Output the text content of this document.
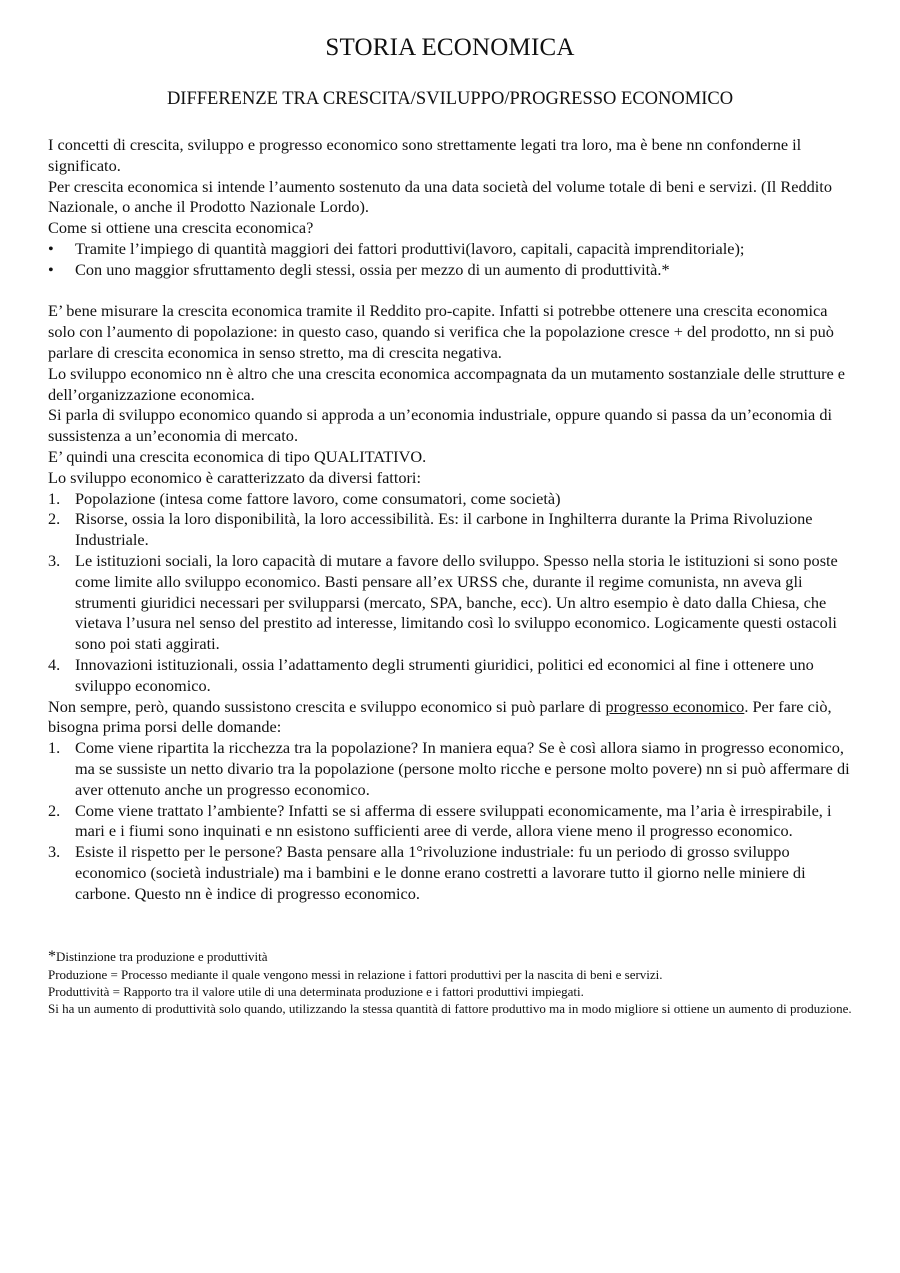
STORIA ECONOMICA
DIFFERENZE TRA CRESCITA/SVILUPPO/PROGRESSO ECONOMICO

I concetti di crescita, sviluppo e progresso economico sono strettamente legati tra loro, ma è bene nn confonderne il significato.

Per crescita economica si intende l’aumento sostenuto da una data società del volume totale di beni e servizi. (Il Reddito Nazionale, o anche il Prodotto Nazionale Lordo).

Come si ottiene una crescita economica?

•	Tramite l’impiego di quantità maggiori dei fattori produttivi(lavoro, capitali, capacità imprenditoriale);
•	Con uno maggior sfruttamento degli stessi, ossia per mezzo di un aumento di produttività.*

E’ bene misurare la crescita economica tramite il Reddito pro-capite. Infatti si potrebbe ottenere una crescita economica solo con l’aumento di popolazione: in questo caso, quando si verifica che la popolazione cresce + del prodotto, nn si può parlare di crescita economica in senso stretto, ma di crescita negativa.

Lo sviluppo economico nn è altro che una crescita economica accompagnata da un mutamento sostanziale delle strutture e dell’organizzazione economica.

Si parla di sviluppo economico quando si approda a un’economia industriale, oppure quando si passa da un’economia di sussistenza a un’economia di mercato.

E’ quindi una crescita economica di tipo QUALITATIVO.

Lo sviluppo economico è caratterizzato da diversi fattori:

1. Popolazione (intesa come fattore lavoro, come consumatori, come società)
2. Risorse, ossia la loro disponibilità, la loro accessibilità. Es: il carbone in Inghilterra durante la Prima Rivoluzione Industriale.
3. Le istituzioni sociali, la loro capacità di mutare a favore dello sviluppo. Spesso nella storia le istituzioni si sono poste come limite allo sviluppo economico. Basti pensare all’ex URSS che, durante il regime comunista, nn aveva gli strumenti giuridici necessari per svilupparsi (mercato, SPA, banche, ecc). Un altro esempio è dato dalla Chiesa, che vietava l’usura nel senso del prestito ad interesse, limitando così lo sviluppo economico. Logicamente questi ostacoli sono poi stati aggirati.
4. Innovazioni istituzionali, ossia l’adattamento degli strumenti giuridici, politici ed economici al fine i ottenere uno sviluppo economico.

Non sempre, però, quando sussistono crescita e sviluppo economico si può parlare di progresso economico. Per fare ciò, bisogna prima porsi delle domande:

1. Come viene ripartita la ricchezza tra la popolazione? In maniera equa? Se è così allora siamo in progresso economico, ma se sussiste un netto divario tra la popolazione (persone molto ricche e persone molto povere) nn si può affermare di aver ottenuto anche un progresso economico.
2. Come viene trattato l’ambiente? Infatti se si afferma di essere sviluppati economicamente, ma l’aria è irrespirabile, i mari e i fiumi sono inquinati e nn esistono sufficienti aree di verde, allora viene meno il progresso economico.
3. Esiste il rispetto per le persone? Basta pensare alla 1°rivoluzione industriale: fu un periodo di grosso sviluppo economico (società industriale) ma i bambini e le donne erano costretti a lavorare tutto il giorno nelle miniere di carbone. Questo nn è indice di progresso economico.

*Distinzione tra produzione e produttività

Produzione = Processo mediante il quale vengono messi in relazione i fattori produttivi per la nascita di beni e servizi.

Produttività = Rapporto tra il valore utile di una determinata produzione e i fattori produttivi impiegati.

Si ha un aumento di produttività solo quando, utilizzando la stessa quantità di fattore produttivo ma in modo migliore si ottiene un aumento di produzione.
